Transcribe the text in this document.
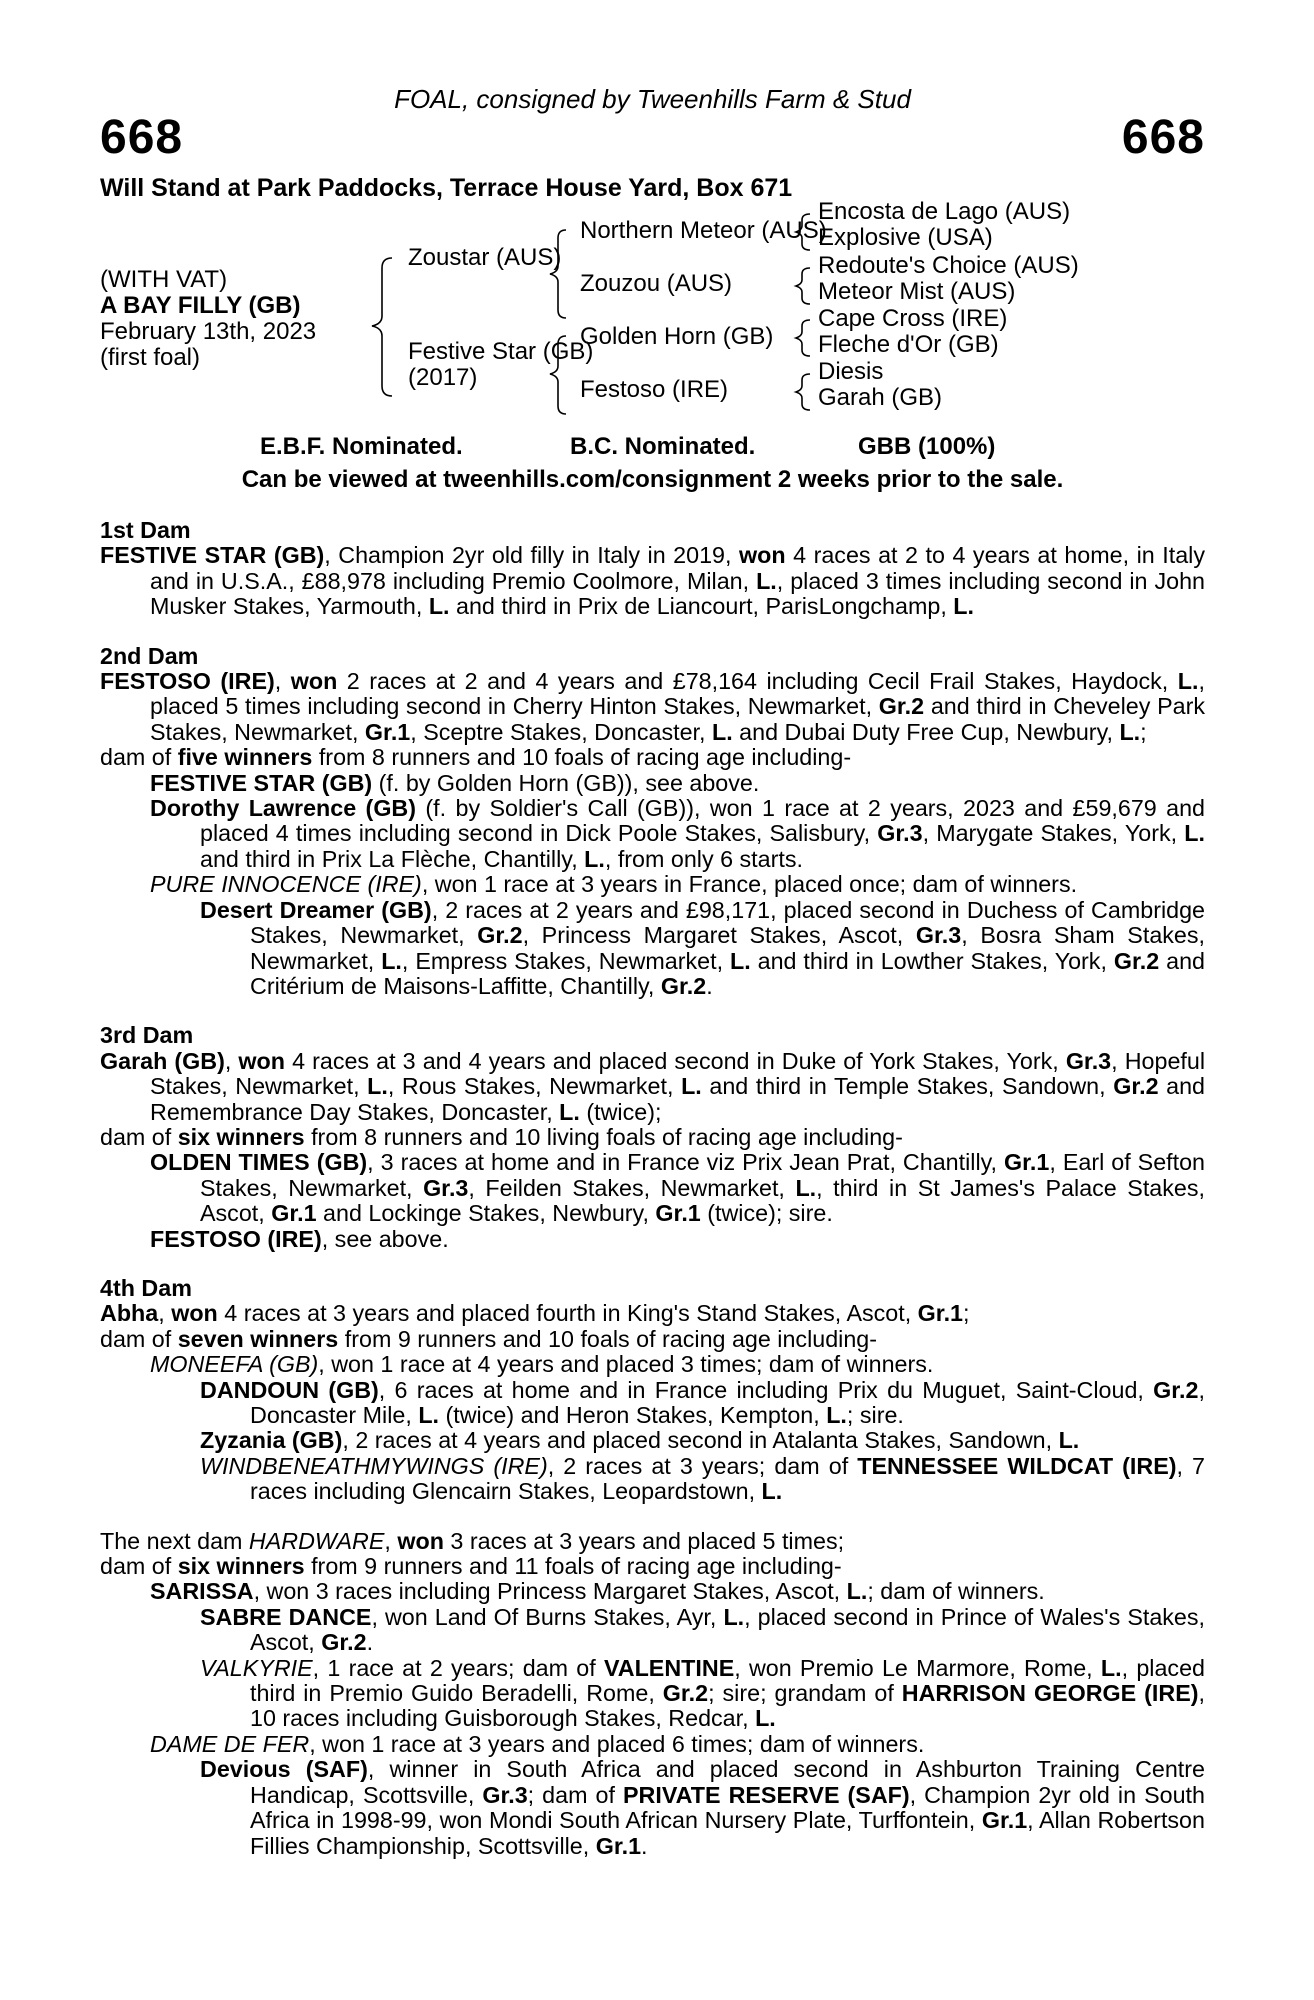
FOAL, consigned by Tweenhills Farm & Stud
668	668
Will Stand at Park Paddocks, Terrace House Yard, Box 671
(WITH VAT)
A BAY FILLY (GB)
February 13th, 2023
(first foal)
Zoustar (AUS)
Festive Star (GB)
(2017)
Northern Meteor (AUS)
Zouzou (AUS)
Golden Horn (GB)
Festoso (IRE)
Encosta de Lago (AUS)
Explosive (USA)
Redoute's Choice (AUS)
Meteor Mist (AUS)
Cape Cross (IRE)
Fleche d'Or (GB)
Diesis
Garah (GB)
E.B.F. Nominated.	B.C. Nominated.	GBB (100%)
Can be viewed at tweenhills.com/consignment 2 weeks prior to the sale.
1st Dam
FESTIVE STAR (GB), Champion 2yr old filly in Italy in 2019, won 4 races at 2 to 4 years at home, in Italy and in U.S.A., £88,978 including Premio Coolmore, Milan, L., placed 3 times including second in John Musker Stakes, Yarmouth, L. and third in Prix de Liancourt, ParisLongchamp, L.
2nd Dam
FESTOSO (IRE), won 2 races at 2 and 4 years and £78,164 including Cecil Frail Stakes, Haydock, L., placed 5 times including second in Cherry Hinton Stakes, Newmarket, Gr.2 and third in Cheveley Park Stakes, Newmarket, Gr.1, Sceptre Stakes, Doncaster, L. and Dubai Duty Free Cup, Newbury, L.;
dam of five winners from 8 runners and 10 foals of racing age including-
FESTIVE STAR (GB) (f. by Golden Horn (GB)), see above.
Dorothy Lawrence (GB) (f. by Soldier's Call (GB)), won 1 race at 2 years, 2023 and £59,679 and placed 4 times including second in Dick Poole Stakes, Salisbury, Gr.3, Marygate Stakes, York, L. and third in Prix La Flèche, Chantilly, L., from only 6 starts.
PURE INNOCENCE (IRE), won 1 race at 3 years in France, placed once; dam of winners.
Desert Dreamer (GB), 2 races at 2 years and £98,171, placed second in Duchess of Cambridge Stakes, Newmarket, Gr.2, Princess Margaret Stakes, Ascot, Gr.3, Bosra Sham Stakes, Newmarket, L., Empress Stakes, Newmarket, L. and third in Lowther Stakes, York, Gr.2 and Critérium de Maisons-Laffitte, Chantilly, Gr.2.
3rd Dam
Garah (GB), won 4 races at 3 and 4 years and placed second in Duke of York Stakes, York, Gr.3, Hopeful Stakes, Newmarket, L., Rous Stakes, Newmarket, L. and third in Temple Stakes, Sandown, Gr.2 and Remembrance Day Stakes, Doncaster, L. (twice);
dam of six winners from 8 runners and 10 living foals of racing age including-
OLDEN TIMES (GB), 3 races at home and in France viz Prix Jean Prat, Chantilly, Gr.1, Earl of Sefton Stakes, Newmarket, Gr.3, Feilden Stakes, Newmarket, L., third in St James's Palace Stakes, Ascot, Gr.1 and Lockinge Stakes, Newbury, Gr.1 (twice); sire.
FESTOSO (IRE), see above.
4th Dam
Abha, won 4 races at 3 years and placed fourth in King's Stand Stakes, Ascot, Gr.1;
dam of seven winners from 9 runners and 10 foals of racing age including-
MONEEFA (GB), won 1 race at 4 years and placed 3 times; dam of winners.
DANDOUN (GB), 6 races at home and in France including Prix du Muguet, Saint-Cloud, Gr.2, Doncaster Mile, L. (twice) and Heron Stakes, Kempton, L.; sire.
Zyzania (GB), 2 races at 4 years and placed second in Atalanta Stakes, Sandown, L.
WINDBENEATHMYWINGS (IRE), 2 races at 3 years; dam of TENNESSEE WILDCAT (IRE), 7 races including Glencairn Stakes, Leopardstown, L.
The next dam HARDWARE, won 3 races at 3 years and placed 5 times;
dam of six winners from 9 runners and 11 foals of racing age including-
SARISSA, won 3 races including Princess Margaret Stakes, Ascot, L.; dam of winners.
SABRE DANCE, won Land Of Burns Stakes, Ayr, L., placed second in Prince of Wales's Stakes, Ascot, Gr.2.
VALKYRIE, 1 race at 2 years; dam of VALENTINE, won Premio Le Marmore, Rome, L., placed third in Premio Guido Beradelli, Rome, Gr.2; sire; grandam of HARRISON GEORGE (IRE), 10 races including Guisborough Stakes, Redcar, L.
DAME DE FER, won 1 race at 3 years and placed 6 times; dam of winners.
Devious (SAF), winner in South Africa and placed second in Ashburton Training Centre Handicap, Scottsville, Gr.3; dam of PRIVATE RESERVE (SAF), Champion 2yr old in South Africa in 1998-99, won Mondi South African Nursery Plate, Turffontein, Gr.1, Allan Robertson Fillies Championship, Scottsville, Gr.1.
